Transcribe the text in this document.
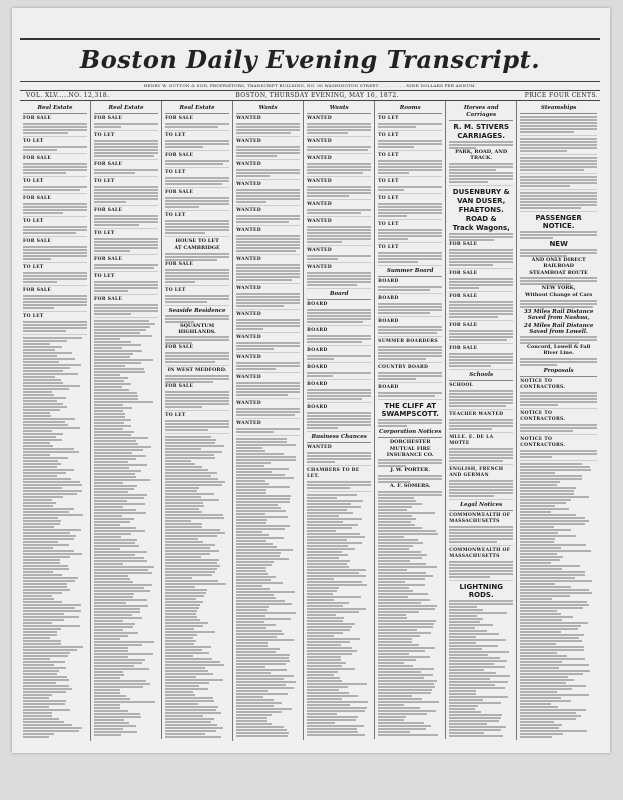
Boston Daily Evening Transcript.
HENRY W. DUTTON & SON, PROPRIETORS, TRANSCRIPT BUILDING, NO. 90 WASHINGTON STREET. . . . . . . . . NINE DOLLARS PER ANNUM.
VOL. XLV.....NO. 12,318.	BOSTON, THURSDAY EVENING, MAY 16, 1872.	PRICE FOUR CENTS.
Real Estate
FOR SALE
TO LET
FOR SALE
TO LET
FOR SALE
TO LET
FOR SALE
TO LET
FOR SALE
TO LET
Real Estate
FOR SALE
TO LET
FOR SALE
TO LET
FOR SALE
TO LET
FOR SALE
TO LET
FOR SALE
Real Estate
FOR SALE
TO LET
FOR SALE
TO LET
FOR SALE
TO LET
HOUSE TO LET
AT CAMBRIDGE
FOR SALE
TO LET
Seaside Residence
SQUANTUM HIGHLANDS.
FOR SALE
IN WEST MEDFORD.
FOR SALE
TO LET
Wants
WANTED
WANTED
WANTED
WANTED
WANTED
WANTED
WANTED
WANTED
WANTED
WANTED
WANTED
WANTED
WANTED
WANTED
Wants
WANTED
WANTED
WANTED
WANTED
WANTED
WANTED
WANTED
WANTED
Board
BOARD
BOARD
BOARD
BOARD
BOARD
BOARD
Business Chances
WANTED
CHAMBERS TO BE LET.
Rooms
TO LET
TO LET
TO LET
TO LET
TO LET
TO LET
TO LET
Summer Board
BOARD
BOARD
BOARD
SUMMER BOARDERS
COUNTRY BOARD
BOARD
THE CLIFF AT SWAMPSCOTT.
Corporation Notices
DORCHESTER
MUTUAL FIRE INSURANCE CO.
J. W. PORTER.
A. F. SOMERS.
Horses and Carriages
R. M. STIVERS
CARRIAGES.
PARK, ROAD, AND TRACK.
DUSENBURY &
VAN DUSER,
FHAETONS.
ROAD &
Track Wagons,
FOR SALE
FOR SALE
FOR SALE
FOR SALE
FOR SALE
Schools
SCHOOL
TEACHER WANTED
MLLE. E. DE LA MOTTE
ENGLISH, FRENCH AND GERMAN
Legal Notices
COMMONWEALTH OF MASSACHUSETTS
COMMONWEALTH OF MASSACHUSETTS
LIGHTNING RODS.
Steamships
PASSENGER NOTICE.
NEW
AND ONLY DIRECT RAILROAD
STEAMBOAT ROUTE
NEW YORK,
Without Change of Cars
33 Miles Rail Distance Saved from Nashua,
24 Miles Rail Distance Saved from Lowell.
Concord, Lowell & Fall River Line.
Proposals
NOTICE TO CONTRACTORS.
NOTICE TO CONTRACTORS.
NOTICE TO CONTRACTORS.
